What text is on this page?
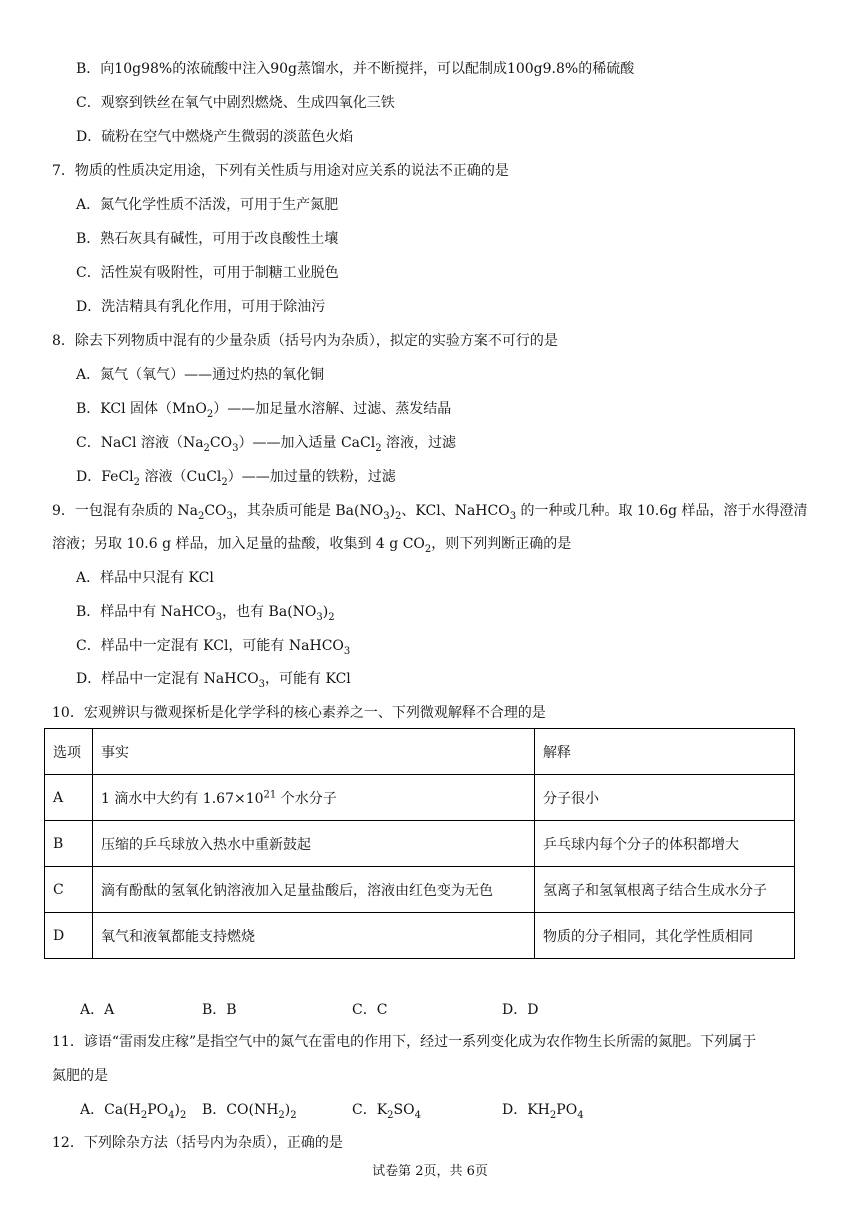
B．向10g98%的浓硫酸中注入90g蒸馏水，并不断搅拌，可以配制成100g9.8%的稀硫酸
C．观察到铁丝在氧气中剧烈燃烧、生成四氧化三铁
D．硫粉在空气中燃烧产生微弱的淡蓝色火焰
7．物质的性质决定用途，下列有关性质与用途对应关系的说法不正确的是
A．氮气化学性质不活泼，可用于生产氮肥
B．熟石灰具有碱性，可用于改良酸性土壤
C．活性炭有吸附性，可用于制糖工业脱色
D．洗洁精具有乳化作用，可用于除油污
8．除去下列物质中混有的少量杂质（括号内为杂质），拟定的实验方案不可行的是
A．氮气（氧气）——通过灼热的氧化铜
B．KCl 固体（MnO$_2$）——加足量水溶解、过滤、蒸发结晶
C．NaCl 溶液$(Na_2CO_3)——$加入适量 CaCl$_2$ 溶液，过滤
D．FeCl$_2$ 溶液（CuCl$_2$）——加过量的铁粉，过滤
9．一包混有杂质的 $Na_2CO_3$，其杂质可能是 $Ba(NO_3)_2$、KCl、NaHCO$_3$ 的一种或几种。取 10.6g 样品，溶于水得澄清
溶液；另取 10.6 g 样品，加入足量的盐酸，收集到 4 g $CO_2$，则下列判断正确的是
A．样品中只混有 KCl
B．样品中有 NaHCO$_3$，也有 $Ba(NO_3)_2$
C．样品中一定混有 KCl，可能有 NaHCO$_3$
D．样品中一定混有 NaHCO$_3$，可能有 KCl
10．宏观辨识与微观探析是化学学科的核心素养之一、下列微观解释不合理的是
选项	事实	解释
A	1 滴水中大约有 $1.67\times 10^{21}$ 个水分子	分子很小
B	压缩的乒乓球放入热水中重新鼓起	乒乓球内每个分子的体积都增大
C	滴有酚酞的氢氧化钠溶液加入足量盐酸后，溶液由红色变为无色	氢离子和氢氧根离子结合生成水分子
D	氧气和液氧都能支持燃烧	物质的分子相同，其化学性质相同
A．A	B．B	C．C	D．D
11．谚语“雷雨发庄稼”是指空气中的氮气在雷电的作用下，经过一系列变化成为农作物生长所需的氮肥。下列属于
氮肥的是
A．$Ca(H_2PO_4)_2$ B．$CO(NH_2)_2$	C．$K_2SO_4$	D．$KH_2PO_4$
12．下列除杂方法（括号内为杂质），正确的是
试卷第 2页，共 6页
